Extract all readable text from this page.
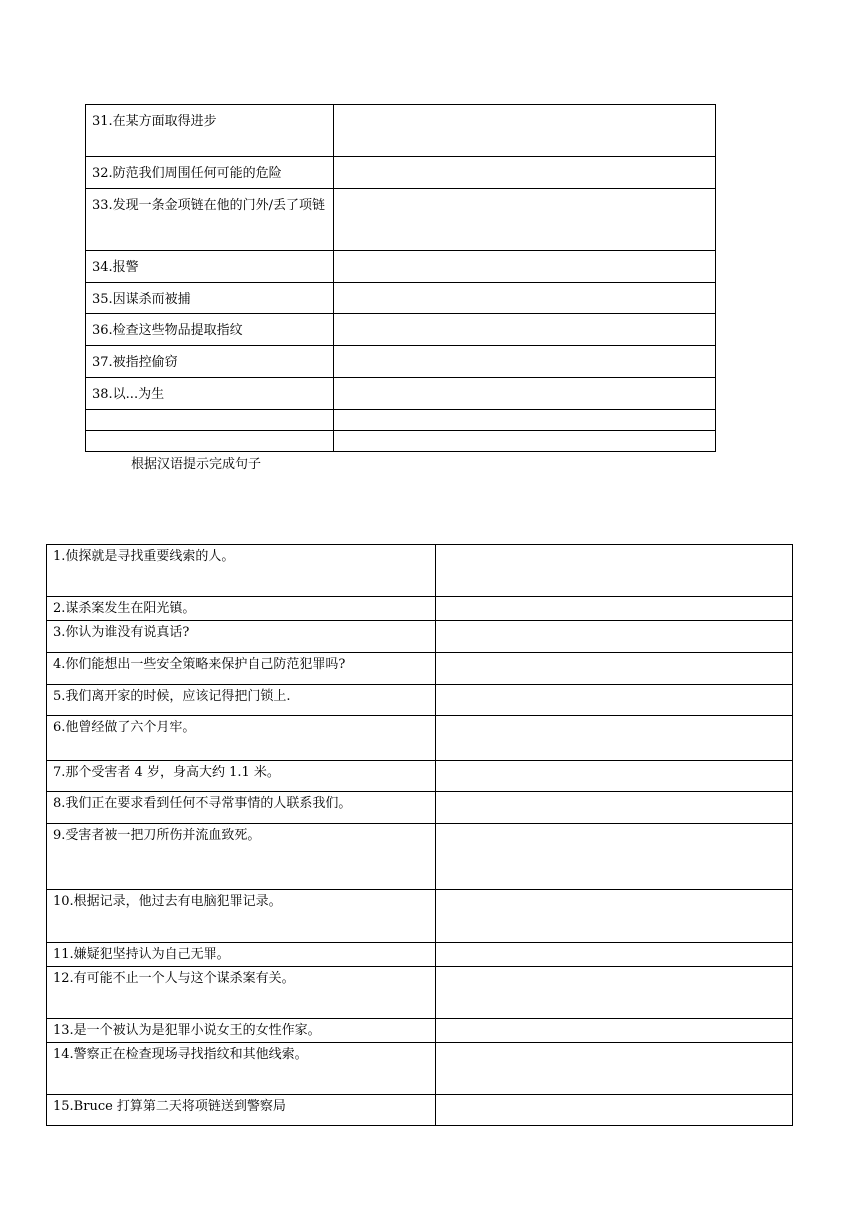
31.在某方面取得进步	
32.防范我们周围任何可能的危险	
33.发现一条金项链在他的门外/丢了项链	
34.报警	
35.因谋杀而被捕	
36.检查这些物品提取指纹	
37.被指控偷窃	
38.以...为生	

根据汉语提示完成句子
1.侦探就是寻找重要线索的人。	
2.谋杀案发生在阳光镇。	
3.你认为谁没有说真话?	
4.你们能想出一些安全策略来保护自己防范犯罪吗?	
5.我们离开家的时候，应该记得把门锁上.	
6.他曾经做了六个月牢。	
7.那个受害者 4 岁，身高大约 1.1 米。	
8.我们正在要求看到任何不寻常事情的人联系我们。	
9.受害者被一把刀所伤并流血致死。	
10.根据记录，他过去有电脑犯罪记录。	
11.嫌疑犯坚持认为自己无罪。	
12.有可能不止一个人与这个谋杀案有关。	
13.是一个被认为是犯罪小说女王的女性作家。	
14.警察正在检查现场寻找指纹和其他线索。	
15.Bruce 打算第二天将项链送到警察局	
